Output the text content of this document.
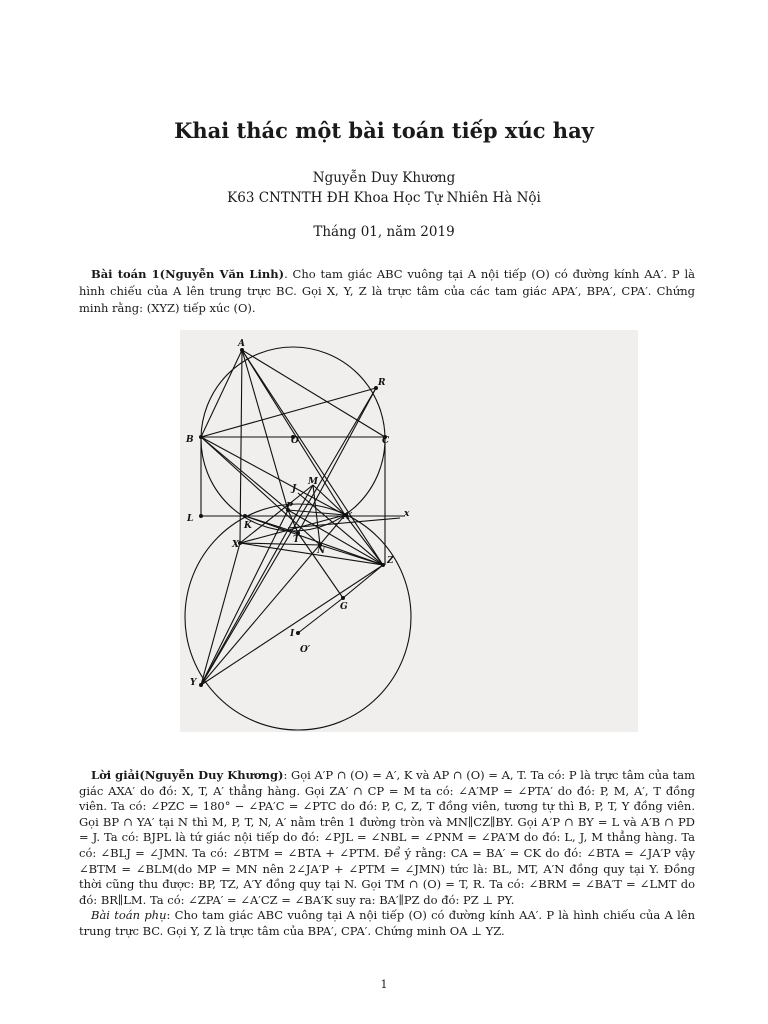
Khai thác một bài toán tiếp xúc hay
Nguyễn Duy Khương
K63 CNTNTH ĐH Khoa Học Tự Nhiên Hà Nội
Tháng 01, năm 2019
Bài toán 1(Nguyễn Văn Linh). Cho tam giác ABC vuông tại A nội tiếp (O) có đường kính AA′. P là hình chiếu của A lên trung trực BC. Gọi X, Y, Z là trực tâm của các tam giác APA′, BPA′, CPA′. Chứng minh rằng: (XYZ) tiếp xúc (O).
A
R
B	O	C
J
M
L
K
P
A′	x
X	T
N
Z
G
I
O′
Y
Lời giải(Nguyễn Duy Khương): Gọi A′P ∩ (O) = A′, K và AP ∩ (O) = A, T. Ta có: P là trực tâm của tam giác AXA′ do đó: X, T, A′ thẳng hàng. Gọi ZA′ ∩ CP = M ta có: ∠A′MP = ∠PTA′ do đó: P, M, A′, T đồng viên. Ta có: ∠PZC = 180° − ∠PA′C = ∠PTC do đó: P, C, Z, T đồng viên, tương tự thì B, P, T, Y đồng viên. Gọi BP ∩ YA′ tại N thì M, P, T, N, A′ nằm trên 1 đường tròn và MN∥CZ∥BY. Gọi A′P ∩ BY = L và A′B ∩ PD = J. Ta có: BJPL là tứ giác nội tiếp do đó: ∠PJL = ∠NBL = ∠PNM = ∠PA′M do đó: L, J, M thẳng hàng. Ta có: ∠BLJ = ∠JMN. Ta có: ∠BTM = ∠BTA + ∠PTM. Để ý rằng: CA = BA′ = CK do đó: ∠BTA = ∠JA′P vậy ∠BTM = ∠BLM(do MP = MN nên 2∠JA′P + ∠PTM = ∠JMN) tức là: BL, MT, A′N đồng quy tại Y. Đồng thời cũng thu được: BP, TZ, A′Y đồng quy tại N. Gọi TM ∩ (O) = T, R. Ta có: ∠BRM = ∠BA′T = ∠LMT do đó: BR∥LM. Ta có: ∠ZPA′ = ∠A′CZ = ∠BA′K suy ra: BA′∥PZ do đó: PZ ⊥ PY.
Bài toán phụ: Cho tam giác ABC vuông tại A nội tiếp (O) có đường kính AA′. P là hình chiếu của A lên trung trực BC. Gọi Y, Z là trực tâm của BPA′, CPA′. Chứng minh OA ⊥ YZ.
1
